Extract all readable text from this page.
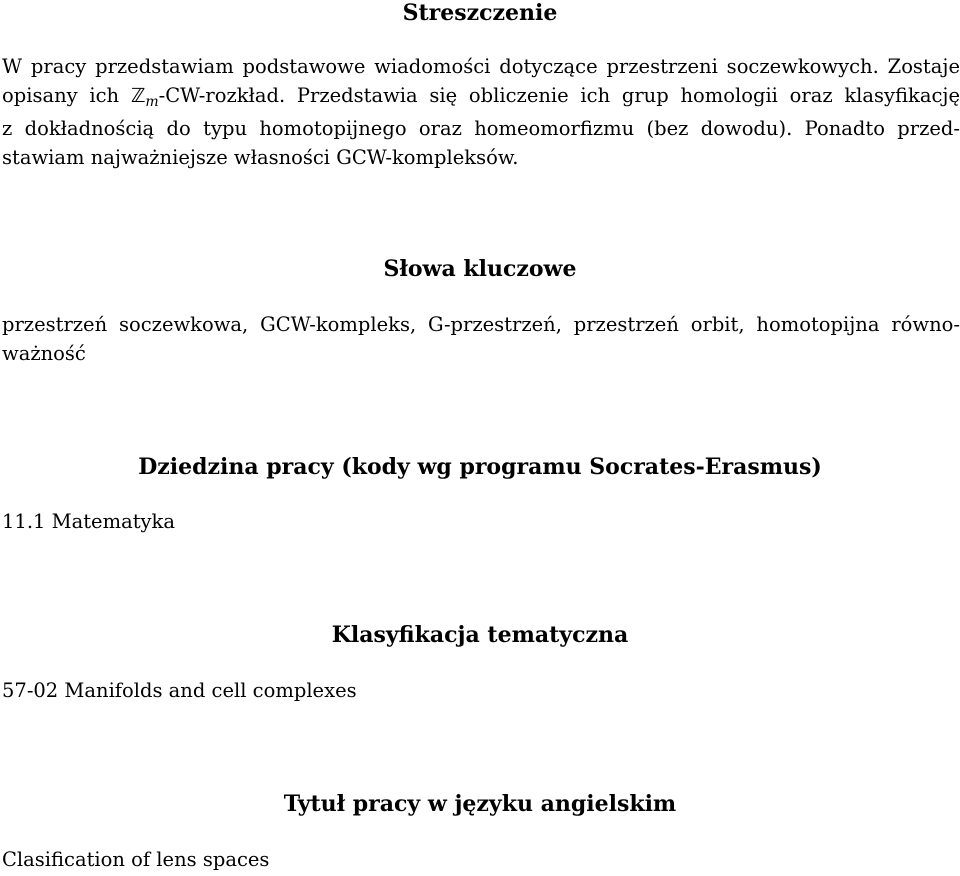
Streszczenie
W pracy przedstawiam podstawowe wiadomości dotyczące przestrzeni soczewkowych. Zostaje
opisany ich ℤ$_m$-CW-rozkład. Przedstawia się obliczenie ich grup homologii oraz klasyfikację
z dokładnością do typu homotopijnego oraz homeomorfizmu (bez dowodu). Ponadto przed-
stawiam najważniejsze własności GCW-kompleksów.
Słowa kluczowe
przestrzeń soczewkowa, GCW-kompleks, G-przestrzeń, przestrzeń orbit, homotopijna równo-
ważność
Dziedzina pracy (kody wg programu Socrates-Erasmus)

11.1 Matematyka

Klasyfikacja tematyczna

57-02 Manifolds and cell complexes

Tytuł pracy w języku angielskim

Clasification of lens spaces
